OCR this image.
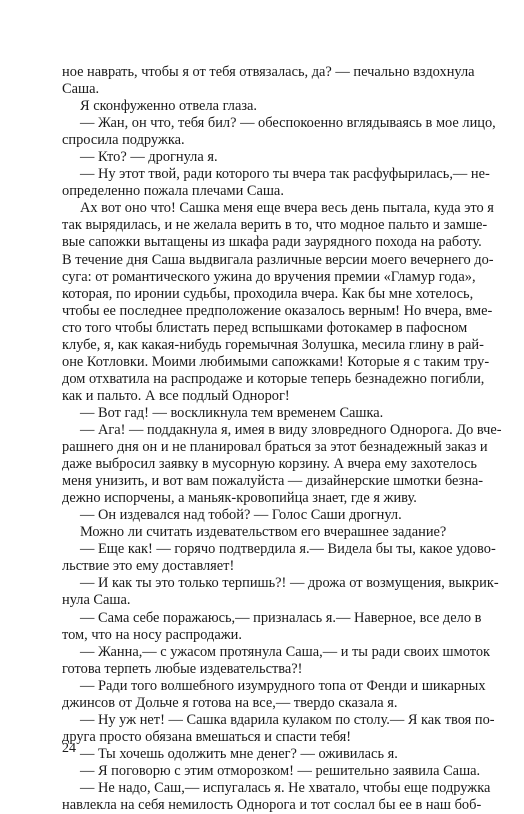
ное наврать, чтобы я от тебя отвязалась, да? — печально вздохнула
Саша.
Я сконфуженно отвела глаза.
— Жан, он что, тебя бил? — обеспокоенно вглядываясь в мое лицо,
спросила подружка.
— Кто? — дрогнула я.
— Ну этот твой, ради которого ты вчера так расфуфырилась,— не-
определенно пожала плечами Саша.
Ах вот оно что! Сашка меня еще вчера весь день пытала, куда это я
так вырядилась, и не желала верить в то, что модное пальто и замше-
вые сапожки вытащены из шкафа ради заурядного похода на работу.
В течение дня Саша выдвигала различные версии моего вечернего до-
суга: от романтического ужина до вручения премии «Гламур года»,
которая, по иронии судьбы, проходила вчера. Как бы мне хотелось,
чтобы ее последнее предположение оказалось верным! Но вчера, вме-
сто того чтобы блистать перед вспышками фотокамер в пафосном
клубе, я, как какая-нибудь горемычная Золушка, месила глину в рай-
оне Котловки. Моими любимыми сапожками! Которые я с таким тру-
дом отхватила на распродаже и которые теперь безнадежно погибли,
как и пальто. А все подлый Однорог!
— Вот гад! — воскликнула тем временем Сашка.
— Ага! — поддакнула я, имея в виду зловредного Однорога. До вче-
рашнего дня он и не планировал браться за этот безнадежный заказ и
даже выбросил заявку в мусорную корзину. А вчера ему захотелось
меня унизить, и вот вам пожалуйста — дизайнерские шмотки безна-
дежно испорчены, а маньяк-кровопийца знает, где я живу.
— Он издевался над тобой? — Голос Саши дрогнул.
Можно ли считать издевательством его вчерашнее задание?
— Еще как! — горячо подтвердила я.— Видела бы ты, какое удово-
льствие это ему доставляет!
— И как ты это только терпишь?! — дрожа от возмущения, выкрик-
нула Саша.
— Сама себе поражаюсь,— призналась я.— Наверное, все дело в
том, что на носу распродажи.
— Жанна,— с ужасом протянула Саша,— и ты ради своих шмоток
готова терпеть любые издевательства?!
— Ради того волшебного изумрудного топа от Фенди и шикарных
джинсов от Дольче я готова на все,— твердо сказала я.
— Ну уж нет! — Сашка вдарила кулаком по столу.— Я как твоя по-
друга просто обязана вмешаться и спасти тебя!
— Ты хочешь одолжить мне денег? — оживилась я.
— Я поговорю с этим отморозком! — решительно заявила Саша.
— Не надо, Саш,— испугалась я. Не хватало, чтобы еще подружка
навлекла на себя немилость Однорога и тот сослал бы ее в наш боб-
24
